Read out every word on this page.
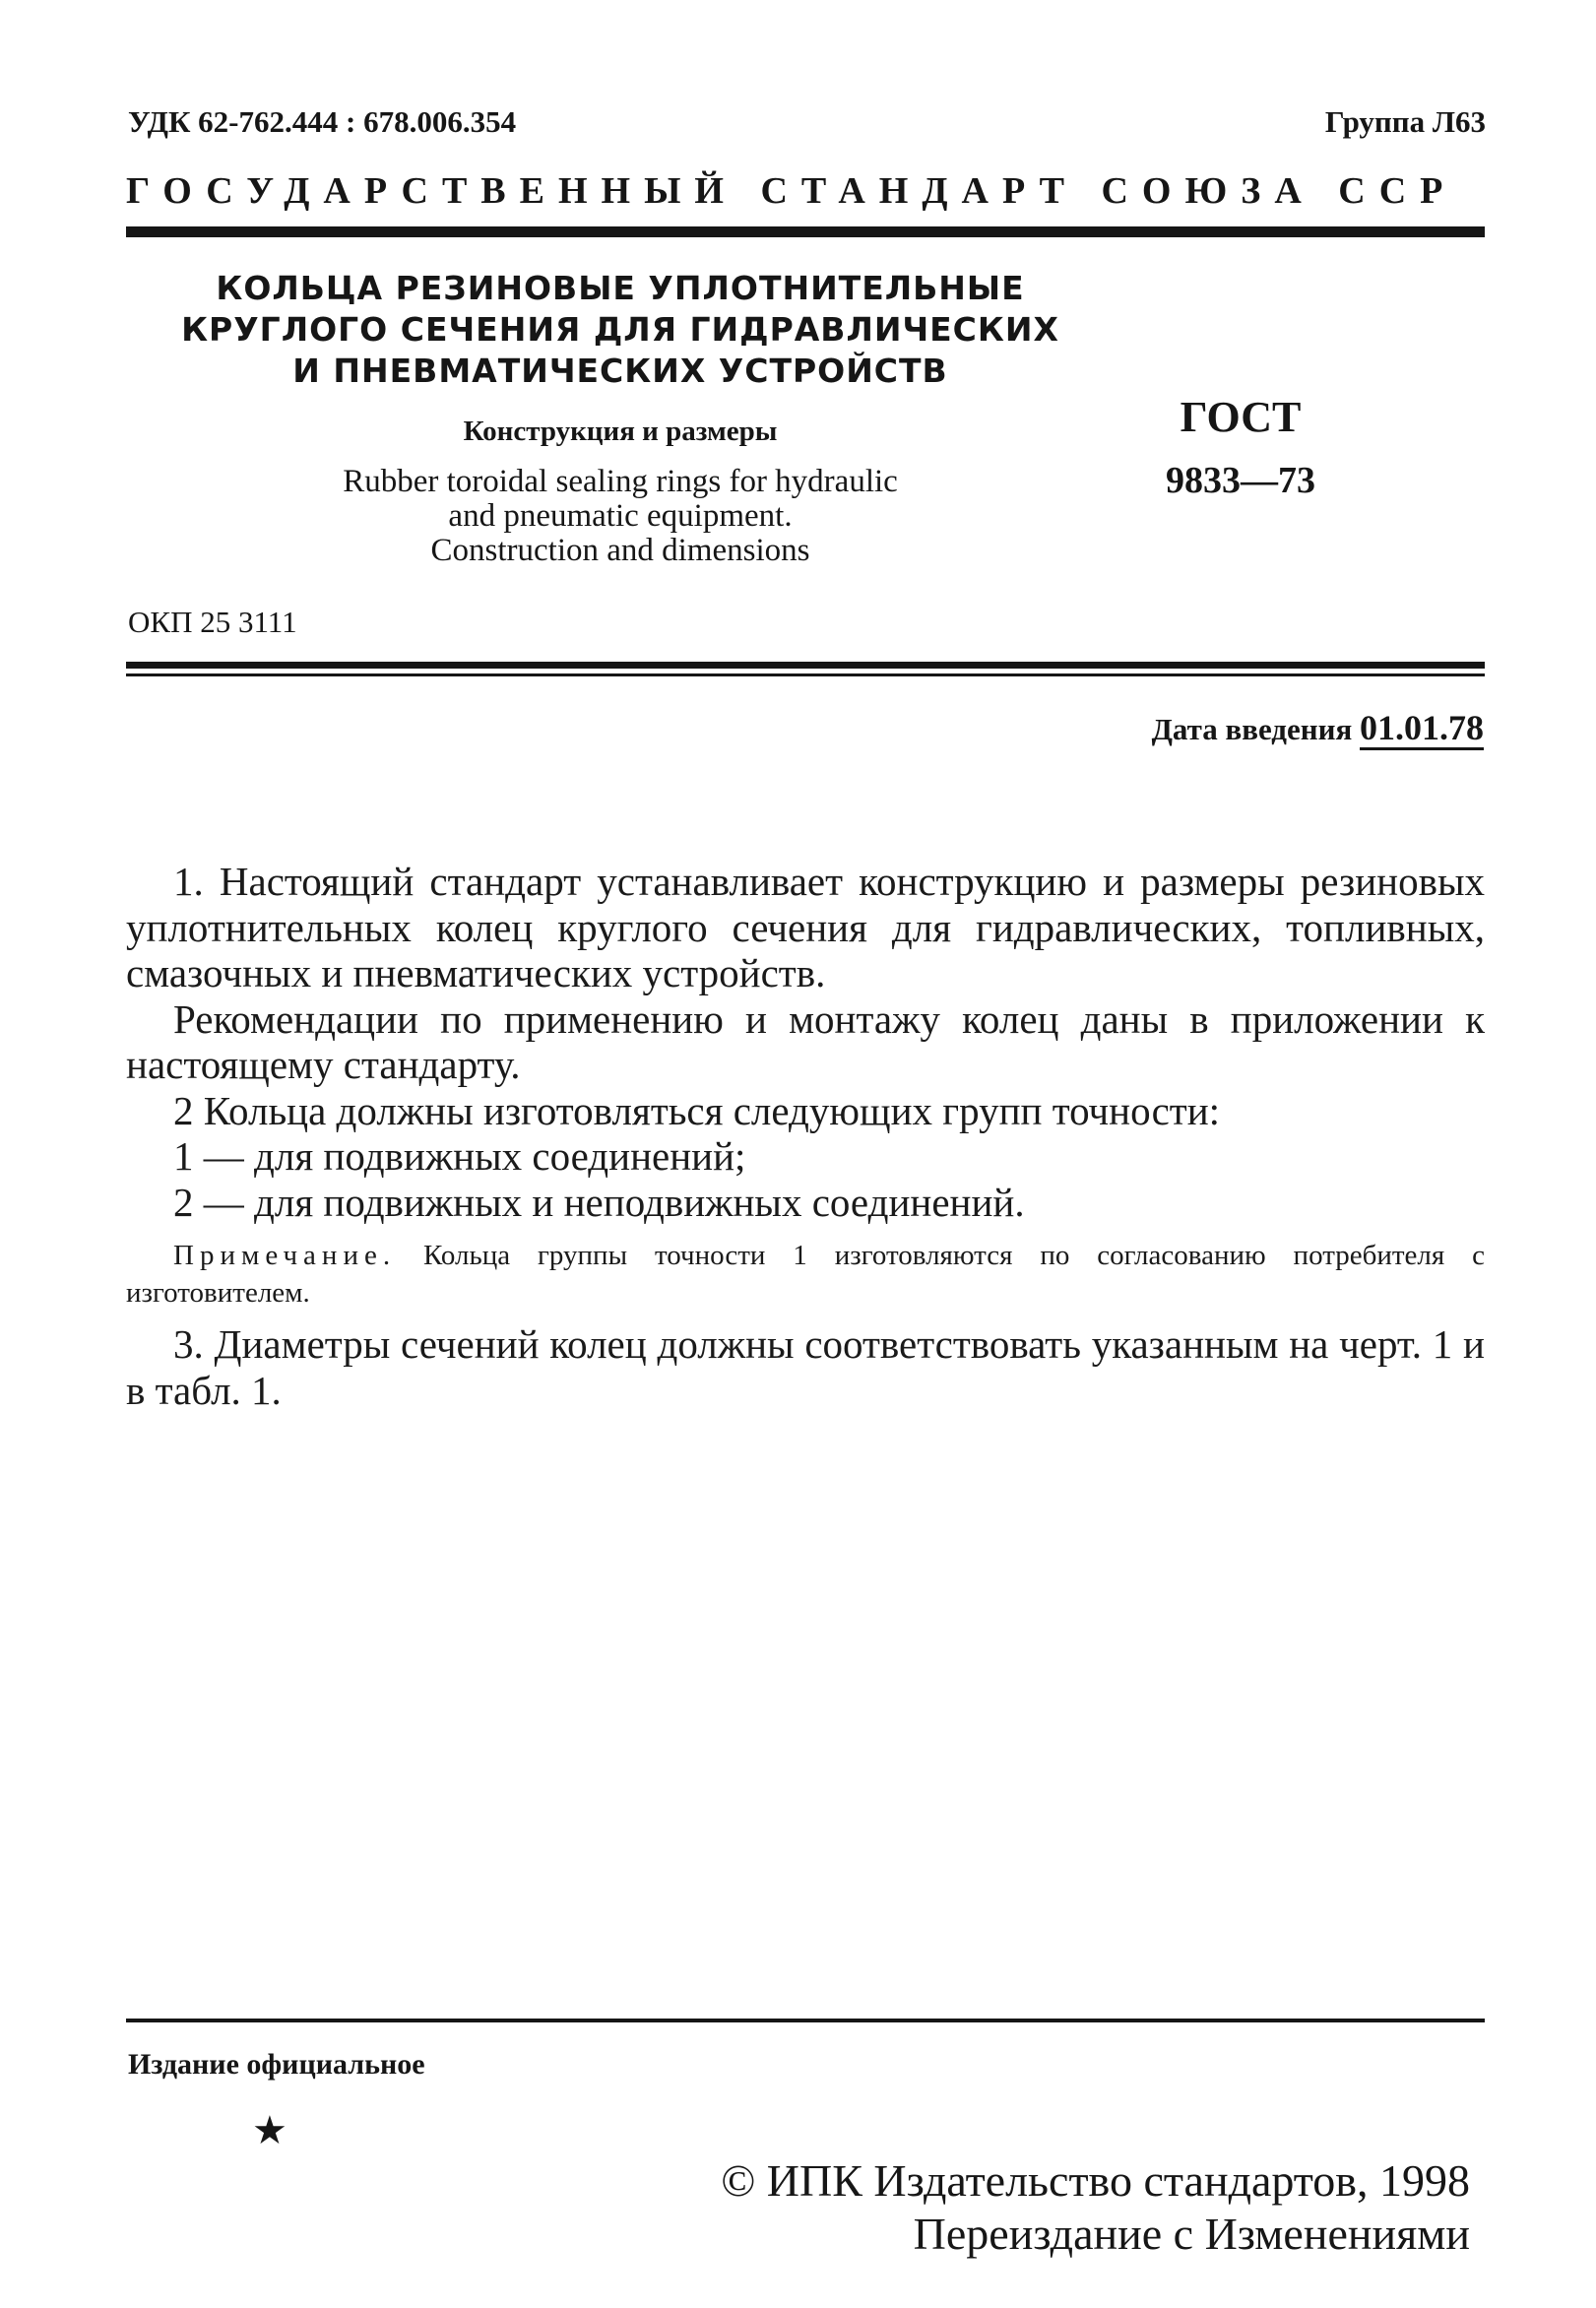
УДК 62-762.444 : 678.006.354	Группа Л63
ГОСУДАРСТВЕННЫЙ СТАНДАРТ СОЮЗА ССР
КОЛЬЦА РЕЗИНОВЫЕ УПЛОТНИТЕЛЬНЫЕ
КРУГЛОГО СЕЧЕНИЯ ДЛЯ ГИДРАВЛИЧЕСКИХ
И ПНЕВМАТИЧЕСКИХ УСТРОЙСТВ
Конструкция и размеры
Rubber toroidal sealing rings for hydraulic
and pneumatic equipment.
Construction and dimensions
ГОСТ
9833—73
ОКП 25 3111
Дата введения 01.01.78

1. Настоящий стандарт устанавливает конструкцию и размеры резиновых уплотнительных колец круглого сечения для гидравлических, топливных, смазочных и пневматических устройств.

Рекомендации по применению и монтажу колец даны в приложении к настоящему стандарту.

2 Кольца должны изготовляться следующих групп точности:

1 — для подвижных соединений;

2 — для подвижных и неподвижных соединений.

Примечание. Кольца группы точности 1 изготовляются по согласованию потребителя с изготовителем.

3. Диаметры сечений колец должны соответствовать указанным на черт. 1 и в табл. 1.

Издание официальное
★
© ИПК Издательство стандартов, 1998
Переиздание с Изменениями
